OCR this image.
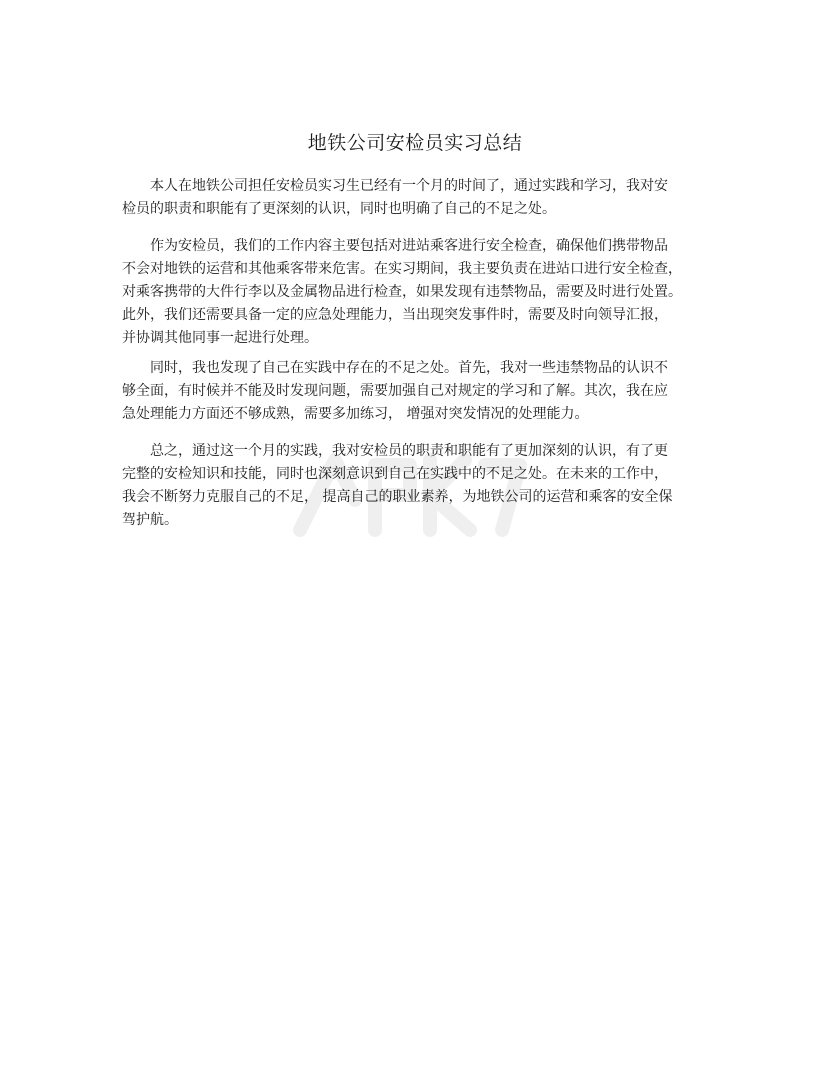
地铁公司安检员实习总结
本人在地铁公司担任安检员实习生已经有一个月的时间了，通过实践和学习，我对安
检员的职责和职能有了更深刻的认识，同时也明确了自己的不足之处。
作为安检员，我们的工作内容主要包括对进站乘客进行安全检查，确保他们携带物品
不会对地铁的运营和其他乘客带来危害。在实习期间，我主要负责在进站口进行安全检查，
对乘客携带的大件行李以及金属物品进行检查，如果发现有违禁物品，需要及时进行处置。
此外，我们还需要具备一定的应急处理能力，当出现突发事件时，需要及时向领导汇报，
并协调其他同事一起进行处理。
同时，我也发现了自己在实践中存在的不足之处。首先，我对一些违禁物品的认识不
够全面，有时候并不能及时发现问题，需要加强自己对规定的学习和了解。其次，我在应
急处理能力方面还不够成熟，需要多加练习， 增强对突发情况的处理能力。
总之，通过这一个月的实践，我对安检员的职责和职能有了更加深刻的认识，有了更
完整的安检知识和技能，同时也深刻意识到自己在实践中的不足之处。在未来的工作中，
我会不断努力克服自己的不足， 提高自己的职业素养，为地铁公司的运营和乘客的安全保
驾护航。
